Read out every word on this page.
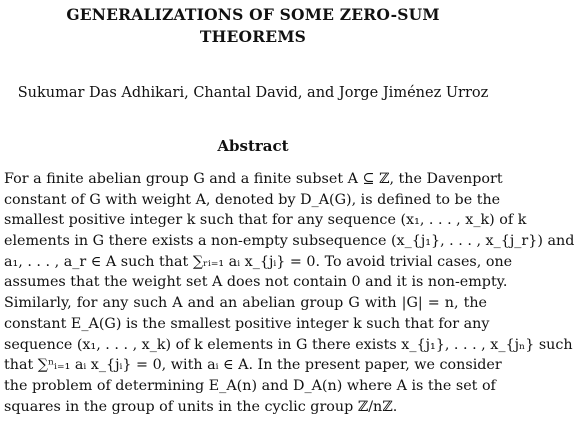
GENERALIZATIONS OF SOME ZERO-SUM
THEOREMS
Sukumar Das Adhikari, Chantal David, and Jorge Jiménez Urroz
Abstract
For a finite abelian group G and a finite subset A ⊆ ℤ, the Davenport
constant of G with weight A, denoted by D_A(G), is defined to be the
smallest positive integer k such that for any sequence (x₁, . . . , x_k) of k
elements in G there exists a non-empty subsequence (x_{j₁}, . . . , x_{j_r}) and
a₁, . . . , a_r ∈ A such that ∑ᵣᵢ₌₁ aᵢ x_{jᵢ} = 0. To avoid trivial cases, one
assumes that the weight set A does not contain 0 and it is non-empty.
Similarly, for any such A and an abelian group G with |G| = n, the
constant E_A(G) is the smallest positive integer k such that for any
sequence (x₁, . . . , x_k) of k elements in G there exists x_{j₁}, . . . , x_{jₙ} such
that ∑ⁿᵢ₌₁ aᵢ x_{jᵢ} = 0, with aᵢ ∈ A. In the present paper, we consider
the problem of determining E_A(n) and D_A(n) where A is the set of
squares in the group of units in the cyclic group ℤ/nℤ.
